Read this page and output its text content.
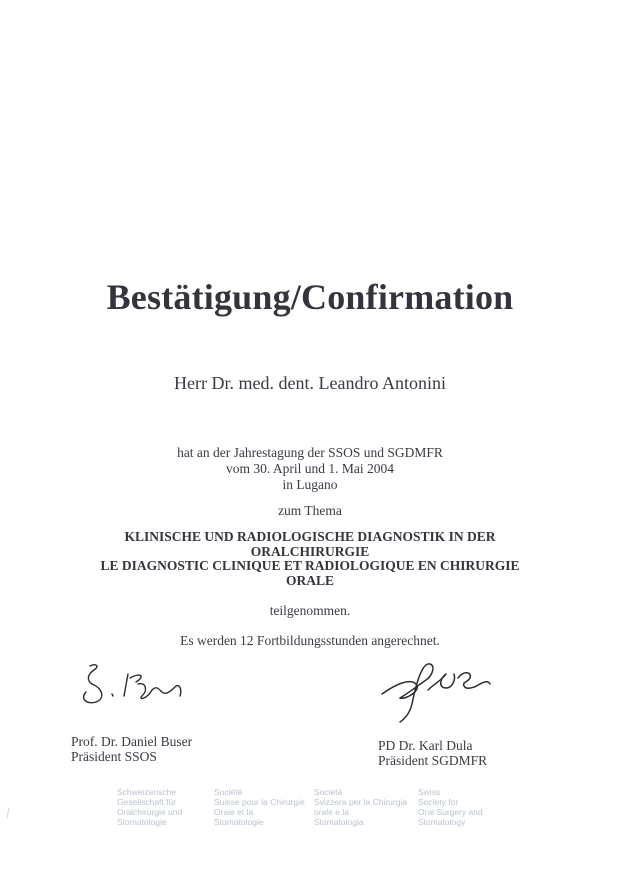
Bestätigung/Confirmation
Herr Dr. med. dent. Leandro Antonini
hat an der Jahrestagung der SSOS und SGDMFR
vom 30. April und 1. Mai 2004
in Lugano
zum Thema
KLINISCHE UND RADIOLOGISCHE DIAGNOSTIK IN DER
ORALCHIRURGIE
LE DIAGNOSTIC CLINIQUE ET RADIOLOGIQUE EN CHIRURGIE
ORALE
teilgenommen.
Es werden 12 Fortbildungsstunden angerechnet.
Prof. Dr. Daniel Buser
Präsident SSOS
PD Dr. Karl Dula
Präsident SGDMFR
Schweizerische
Gesellschaft für
Oralchirurgie und
Stomatologie
Société
Suisse pour la Chirurgie
Orale et la
Stomatologie
Società
Svizzera per la Chirurgia
orale e la
Stomatologia
Swiss
Society for
Oral Surgery and
Stomatology
